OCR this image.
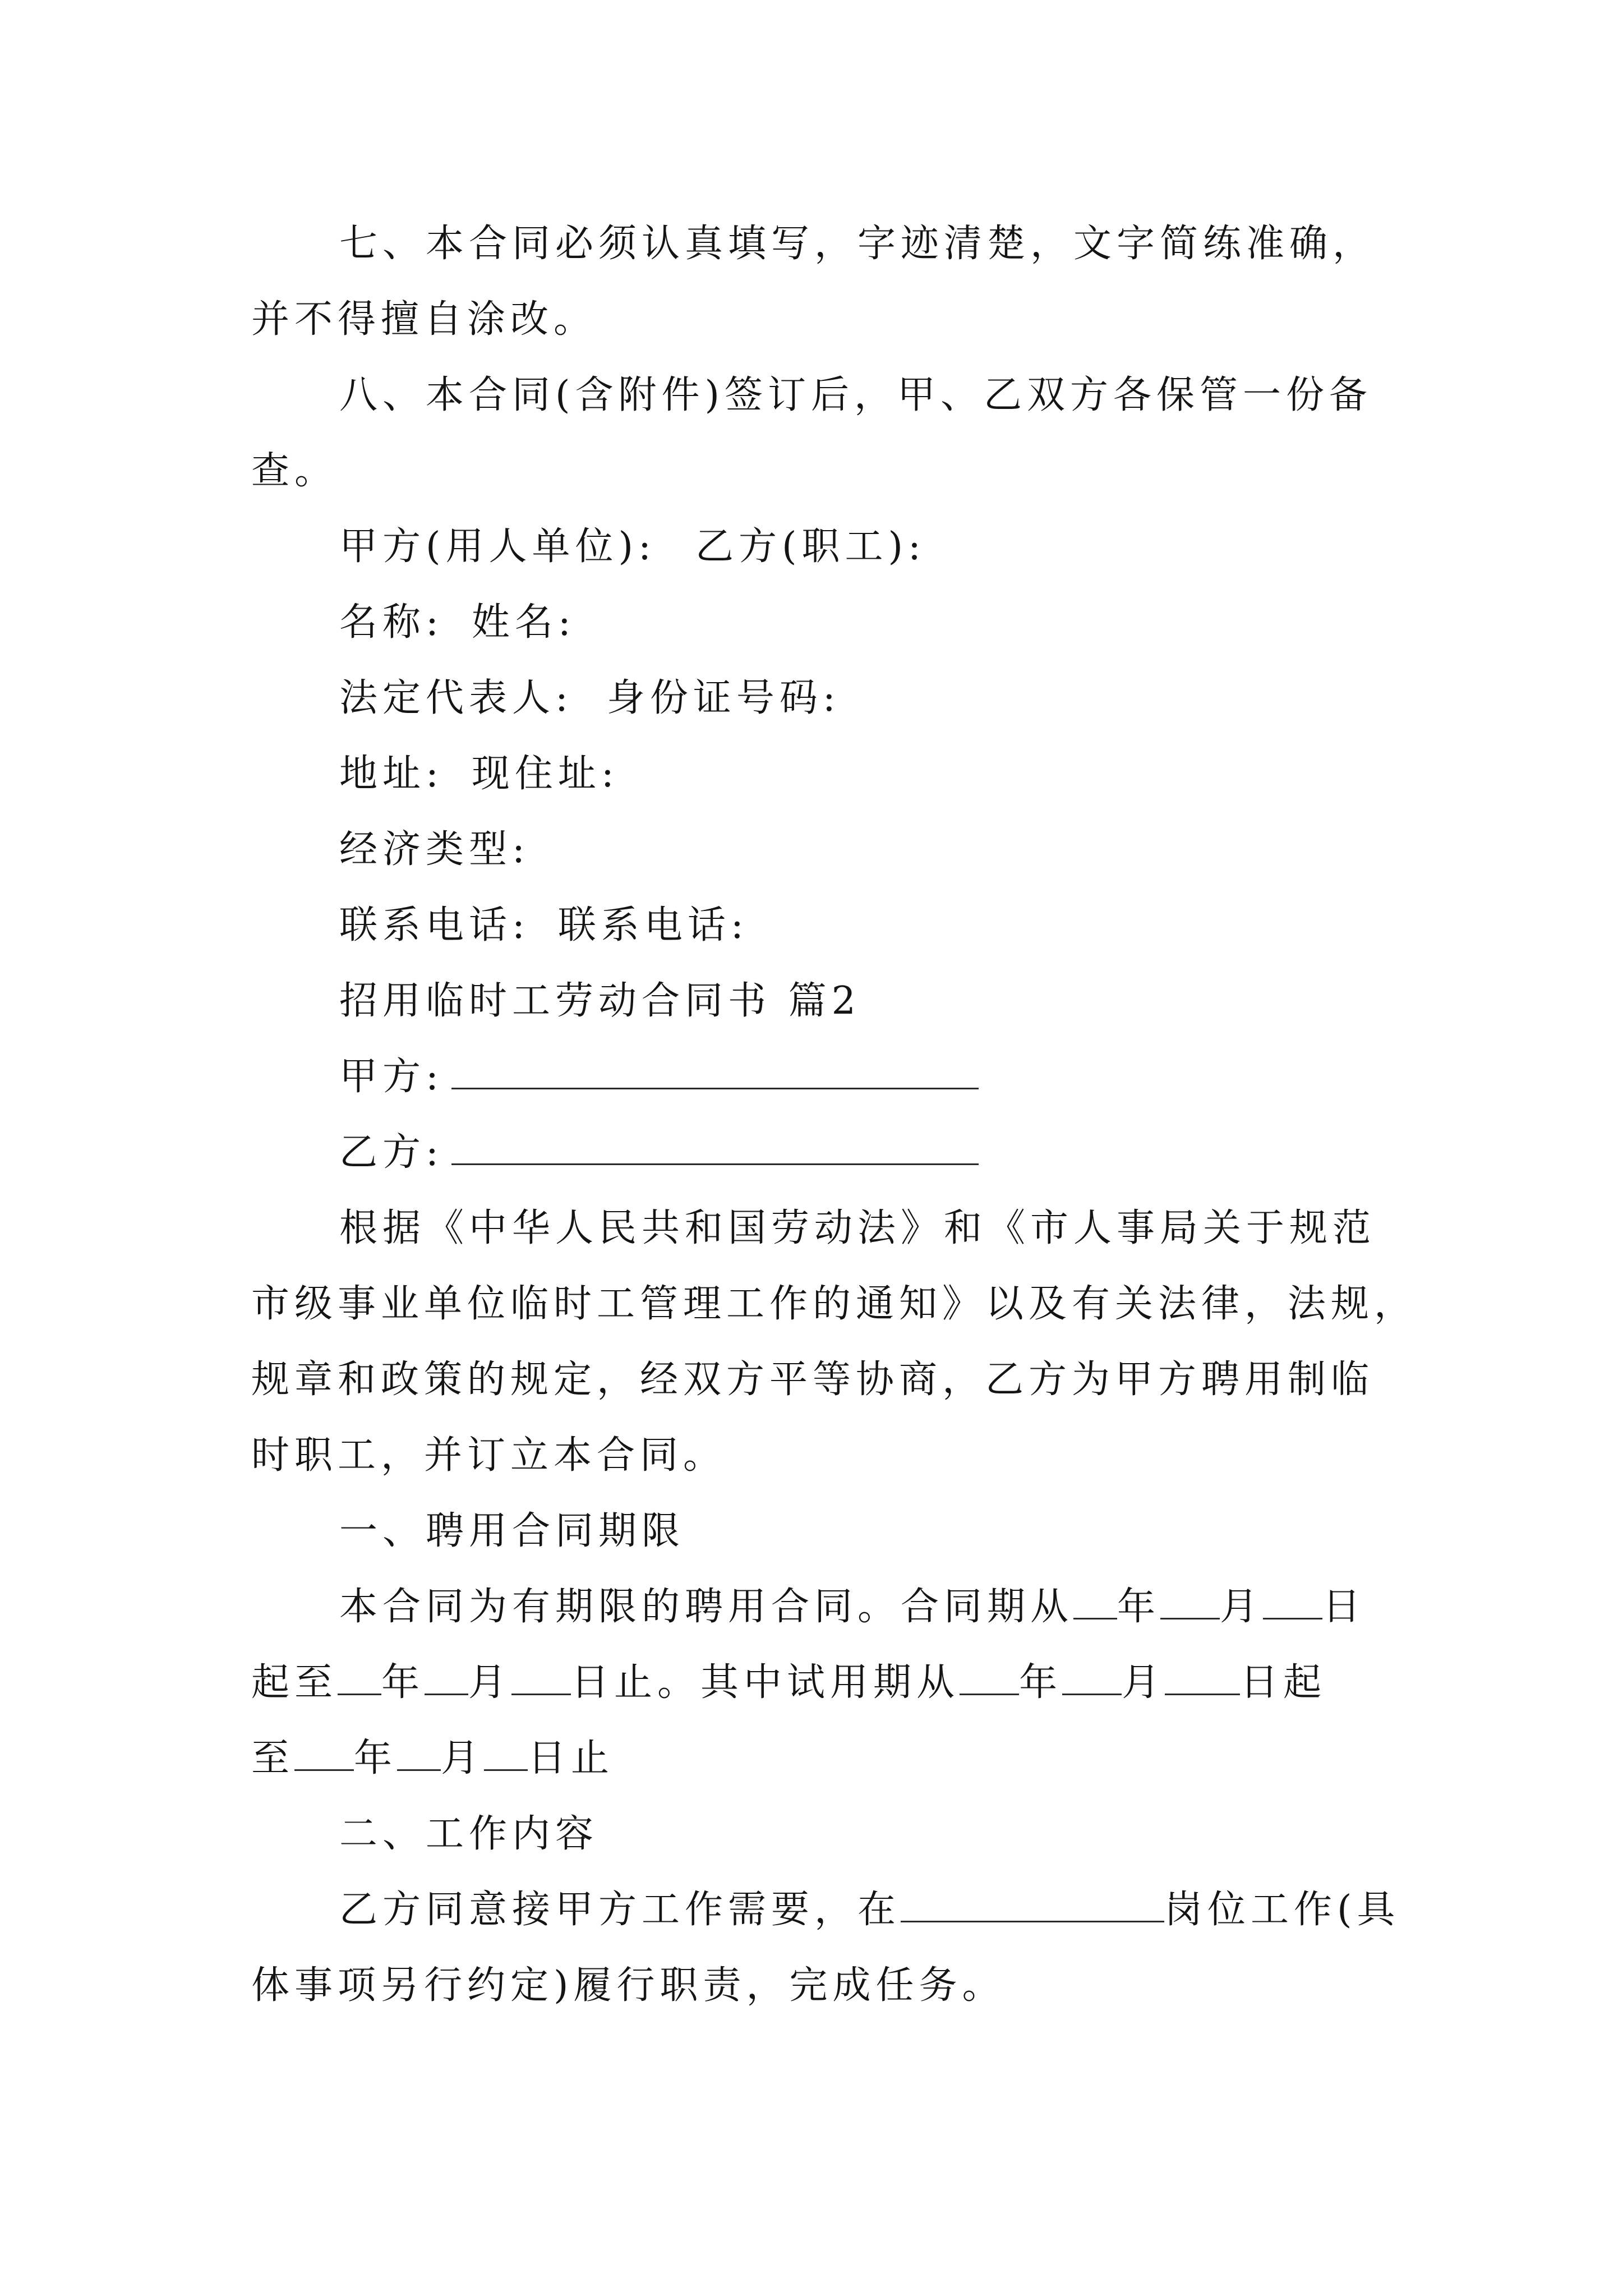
七、本合同必须认真填写，字迹清楚，文字简练准确，
并不得擅自涂改。
八、本合同(含附件)签订后，甲、乙双方各保管一份备
查。
甲方(用人单位): 乙方(职工):
名称: 姓名:
法定代表人: 身份证号码:
地址: 现住址:
经济类型:
联系电话: 联系电话:
招用临时工劳动合同书 篇2
甲方:
乙方:
根据《中华人民共和国劳动法》和《市人事局关于规范
市级事业单位临时工管理工作的通知》以及有关法律，法规，
规章和政策的规定，经双方平等协商，乙方为甲方聘用制临
时职工，并订立本合同。
一、聘用合同期限
本合同为有期限的聘用合同。合同期从 年 月 日
起至 年 月 日止。其中试用期从 年 月 日起
至 年 月 日止
二、工作内容
乙方同意接甲方工作需要，在	岗位工作(具
体事项另行约定)履行职责，完成任务。
